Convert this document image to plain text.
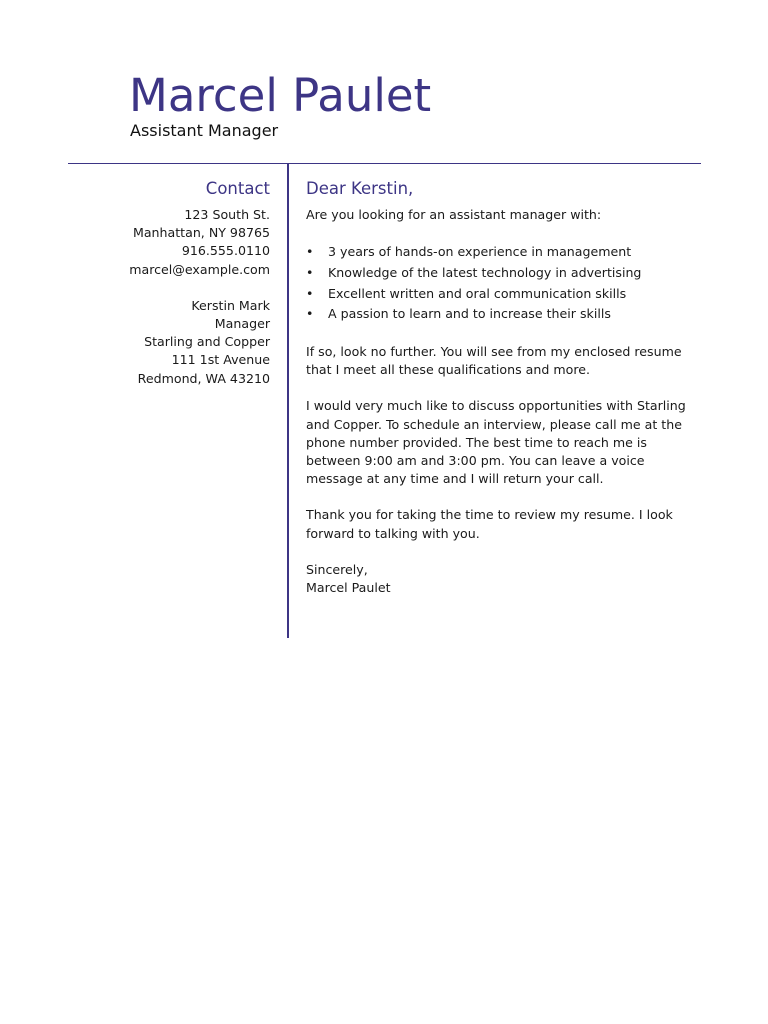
Marcel Paulet
Assistant Manager
Contact
123 South St.
Manhattan, NY 98765
916.555.0110
marcel@example.com
Kerstin Mark
Manager
Starling and Copper
111 1st Avenue
Redmond, WA 43210
Dear Kerstin,

Are you looking for an assistant manager with:

• 3 years of hands-on experience in management
• Knowledge of the latest technology in advertising
• Excellent written and oral communication skills
• A passion to learn and to increase their skills

If so, look no further. You will see from my enclosed resume that I meet all these qualifications and more.

I would very much like to discuss opportunities with Starling and Copper. To schedule an interview, please call me at the phone number provided. The best time to reach me is between 9:00 am and 3:00 pm. You can leave a voice message at any time and I will return your call.

Thank you for taking the time to review my resume. I look forward to talking with you.

Sincerely,
Marcel Paulet
